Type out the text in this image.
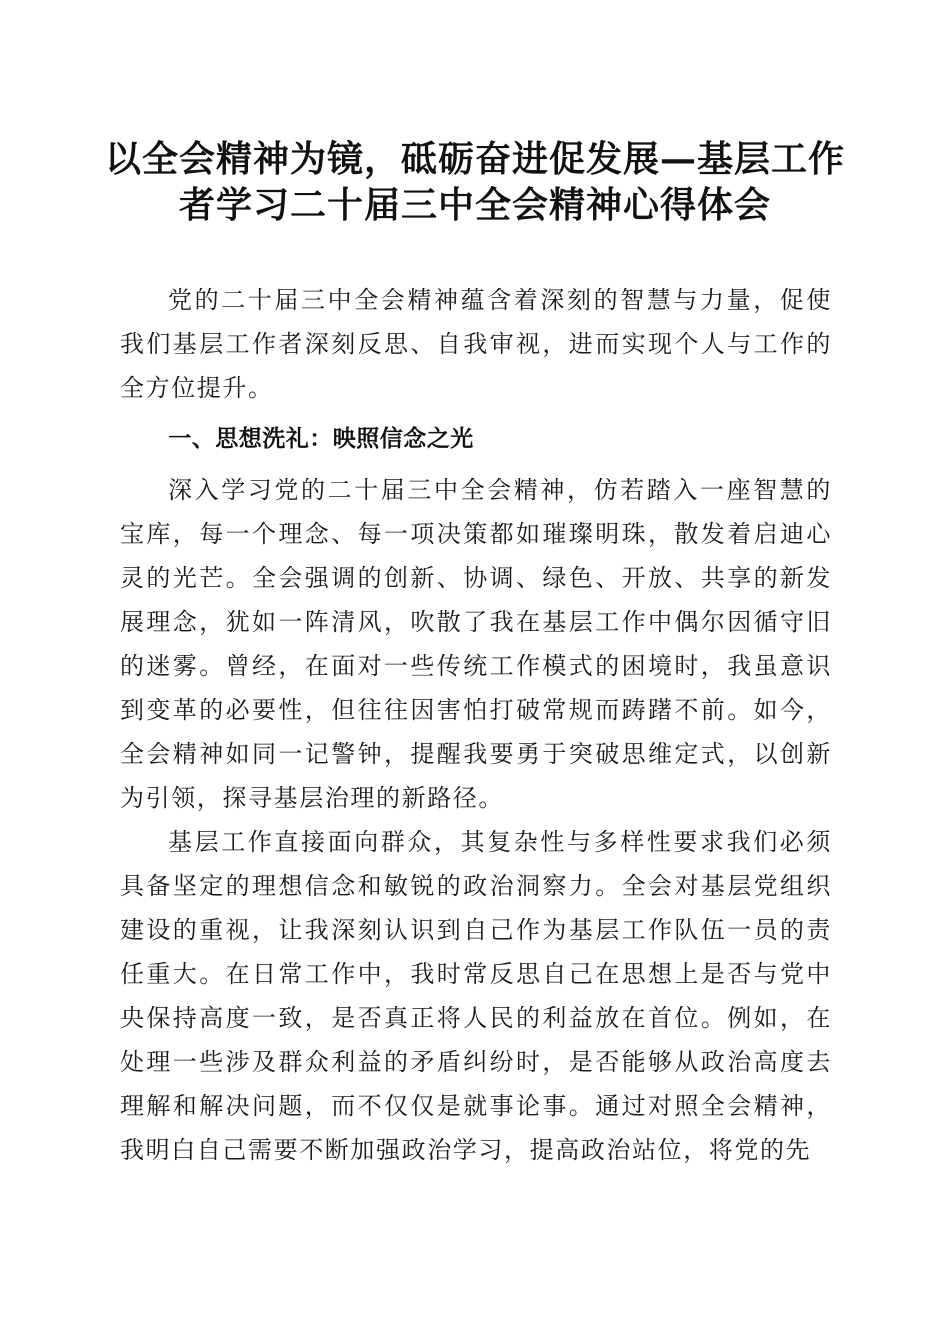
以全会精神为镜，砥砺奋进促发展—基层工作
者学习二十届三中全会精神心得体会

党的二十届三中全会精神蕴含着深刻的智慧与力量，促使我们基层工作者深刻反思、自我审视，进而实现个人与工作的全方位提升。

一、思想洗礼：映照信念之光

深入学习党的二十届三中全会精神，仿若踏入一座智慧的宝库，每一个理念、每一项决策都如璀璨明珠，散发着启迪心灵的光芒。全会强调的创新、协调、绿色、开放、共享的新发展理念，犹如一阵清风，吹散了我在基层工作中偶尔因循守旧的迷雾。曾经，在面对一些传统工作模式的困境时，我虽意识到变革的必要性，但往往因害怕打破常规而踌躇不前。如今，全会精神如同一记警钟，提醒我要勇于突破思维定式，以创新为引领，探寻基层治理的新路径。

基层工作直接面向群众，其复杂性与多样性要求我们必须具备坚定的理想信念和敏锐的政治洞察力。全会对基层党组织建设的重视，让我深刻认识到自己作为基层工作队伍一员的责任重大。在日常工作中，我时常反思自己在思想上是否与党中央保持高度一致，是否真正将人民的利益放在首位。例如，在处理一些涉及群众利益的矛盾纠纷时，是否能够从政治高度去理解和解决问题，而不仅仅是就事论事。通过对照全会精神，我明白自己需要不断加强政治学习，提高政治站位，将党的先
